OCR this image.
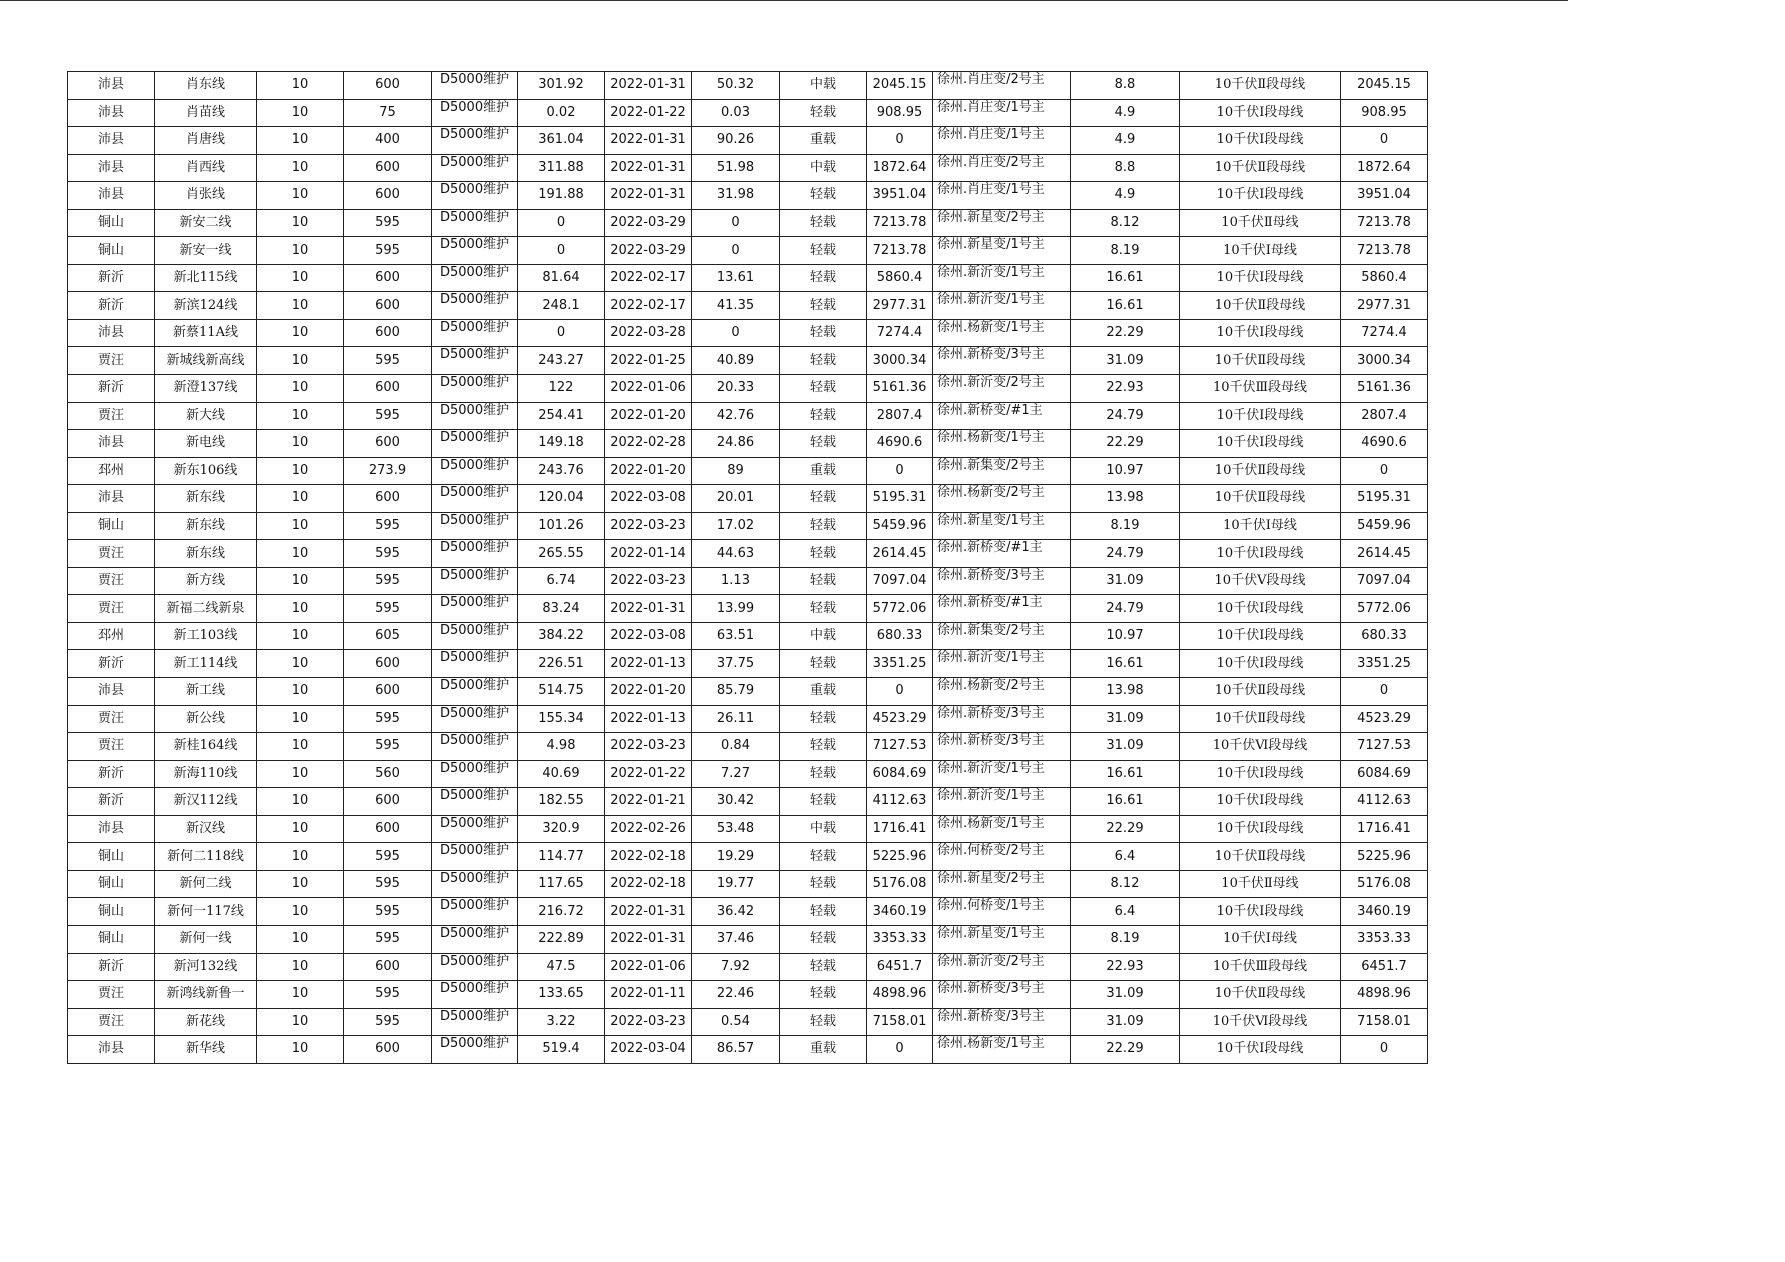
沛县	肖东线	10	600	D5000维护	301.92	2022-01-31	50.32	中载	2045.15	徐州.肖庄变/2号主	8.8	10千伏Ⅱ段母线	2045.15
沛县	肖苗线	10	75	D5000维护	0.02	2022-01-22	0.03	轻载	908.95	徐州.肖庄变/1号主	4.9	10千伏Ⅰ段母线	908.95
沛县	肖唐线	10	400	D5000维护	361.04	2022-01-31	90.26	重载	0	徐州.肖庄变/1号主	4.9	10千伏Ⅰ段母线	0
沛县	肖西线	10	600	D5000维护	311.88	2022-01-31	51.98	中载	1872.64	徐州.肖庄变/2号主	8.8	10千伏Ⅱ段母线	1872.64
沛县	肖张线	10	600	D5000维护	191.88	2022-01-31	31.98	轻载	3951.04	徐州.肖庄变/1号主	4.9	10千伏Ⅰ段母线	3951.04
铜山	新安二线	10	595	D5000维护	0	2022-03-29	0	轻载	7213.78	徐州.新星变/2号主	8.12	10千伏Ⅱ母线	7213.78
铜山	新安一线	10	595	D5000维护	0	2022-03-29	0	轻载	7213.78	徐州.新星变/1号主	8.19	10千伏Ⅰ母线	7213.78
新沂	新北115线	10	600	D5000维护	81.64	2022-02-17	13.61	轻载	5860.4	徐州.新沂变/1号主	16.61	10千伏Ⅰ段母线	5860.4
新沂	新滨124线	10	600	D5000维护	248.1	2022-02-17	41.35	轻载	2977.31	徐州.新沂变/1号主	16.61	10千伏Ⅱ段母线	2977.31
沛县	新蔡11A线	10	600	D5000维护	0	2022-03-28	0	轻载	7274.4	徐州.杨新变/1号主	22.29	10千伏Ⅰ段母线	7274.4
贾汪	新城线新高线	10	595	D5000维护	243.27	2022-01-25	40.89	轻载	3000.34	徐州.新桥变/3号主	31.09	10千伏Ⅱ段母线	3000.34
新沂	新澄137线	10	600	D5000维护	122	2022-01-06	20.33	轻载	5161.36	徐州.新沂变/2号主	22.93	10千伏Ⅲ段母线	5161.36
贾汪	新大线	10	595	D5000维护	254.41	2022-01-20	42.76	轻载	2807.4	徐州.新桥变/#1主	24.79	10千伏Ⅰ段母线	2807.4
沛县	新电线	10	600	D5000维护	149.18	2022-02-28	24.86	轻载	4690.6	徐州.杨新变/1号主	22.29	10千伏Ⅰ段母线	4690.6
邳州	新东106线	10	273.9	D5000维护	243.76	2022-01-20	89	重载	0	徐州.新集变/2号主	10.97	10千伏Ⅱ段母线	0
沛县	新东线	10	600	D5000维护	120.04	2022-03-08	20.01	轻载	5195.31	徐州.杨新变/2号主	13.98	10千伏Ⅱ段母线	5195.31
铜山	新东线	10	595	D5000维护	101.26	2022-03-23	17.02	轻载	5459.96	徐州.新星变/1号主	8.19	10千伏Ⅰ母线	5459.96
贾汪	新东线	10	595	D5000维护	265.55	2022-01-14	44.63	轻载	2614.45	徐州.新桥变/#1主	24.79	10千伏Ⅰ段母线	2614.45
贾汪	新方线	10	595	D5000维护	6.74	2022-03-23	1.13	轻载	7097.04	徐州.新桥变/3号主	31.09	10千伏Ⅴ段母线	7097.04
贾汪	新福二线新泉	10	595	D5000维护	83.24	2022-01-31	13.99	轻载	5772.06	徐州.新桥变/#1主	24.79	10千伏Ⅰ段母线	5772.06
邳州	新工103线	10	605	D5000维护	384.22	2022-03-08	63.51	中载	680.33	徐州.新集变/2号主	10.97	10千伏Ⅰ段母线	680.33
新沂	新工114线	10	600	D5000维护	226.51	2022-01-13	37.75	轻载	3351.25	徐州.新沂变/1号主	16.61	10千伏Ⅰ段母线	3351.25
沛县	新工线	10	600	D5000维护	514.75	2022-01-20	85.79	重载	0	徐州.杨新变/2号主	13.98	10千伏Ⅱ段母线	0
贾汪	新公线	10	595	D5000维护	155.34	2022-01-13	26.11	轻载	4523.29	徐州.新桥变/3号主	31.09	10千伏Ⅱ段母线	4523.29
贾汪	新桂164线	10	595	D5000维护	4.98	2022-03-23	0.84	轻载	7127.53	徐州.新桥变/3号主	31.09	10千伏Ⅵ段母线	7127.53
新沂	新海110线	10	560	D5000维护	40.69	2022-01-22	7.27	轻载	6084.69	徐州.新沂变/1号主	16.61	10千伏Ⅰ段母线	6084.69
新沂	新汉112线	10	600	D5000维护	182.55	2022-01-21	30.42	轻载	4112.63	徐州.新沂变/1号主	16.61	10千伏Ⅰ段母线	4112.63
沛县	新汉线	10	600	D5000维护	320.9	2022-02-26	53.48	中载	1716.41	徐州.杨新变/1号主	22.29	10千伏Ⅰ段母线	1716.41
铜山	新何二118线	10	595	D5000维护	114.77	2022-02-18	19.29	轻载	5225.96	徐州.何桥变/2号主	6.4	10千伏Ⅱ段母线	5225.96
铜山	新何二线	10	595	D5000维护	117.65	2022-02-18	19.77	轻载	5176.08	徐州.新星变/2号主	8.12	10千伏Ⅱ母线	5176.08
铜山	新何一117线	10	595	D5000维护	216.72	2022-01-31	36.42	轻载	3460.19	徐州.何桥变/1号主	6.4	10千伏Ⅰ段母线	3460.19
铜山	新何一线	10	595	D5000维护	222.89	2022-01-31	37.46	轻载	3353.33	徐州.新星变/1号主	8.19	10千伏Ⅰ母线	3353.33
新沂	新河132线	10	600	D5000维护	47.5	2022-01-06	7.92	轻载	6451.7	徐州.新沂变/2号主	22.93	10千伏Ⅲ段母线	6451.7
贾汪	新鸿线新鲁一	10	595	D5000维护	133.65	2022-01-11	22.46	轻载	4898.96	徐州.新桥变/3号主	31.09	10千伏Ⅱ段母线	4898.96
贾汪	新花线	10	595	D5000维护	3.22	2022-03-23	0.54	轻载	7158.01	徐州.新桥变/3号主	31.09	10千伏Ⅵ段母线	7158.01
沛县	新华线	10	600	D5000维护	519.4	2022-03-04	86.57	重载	0	徐州.杨新变/1号主	22.29	10千伏Ⅰ段母线	0
